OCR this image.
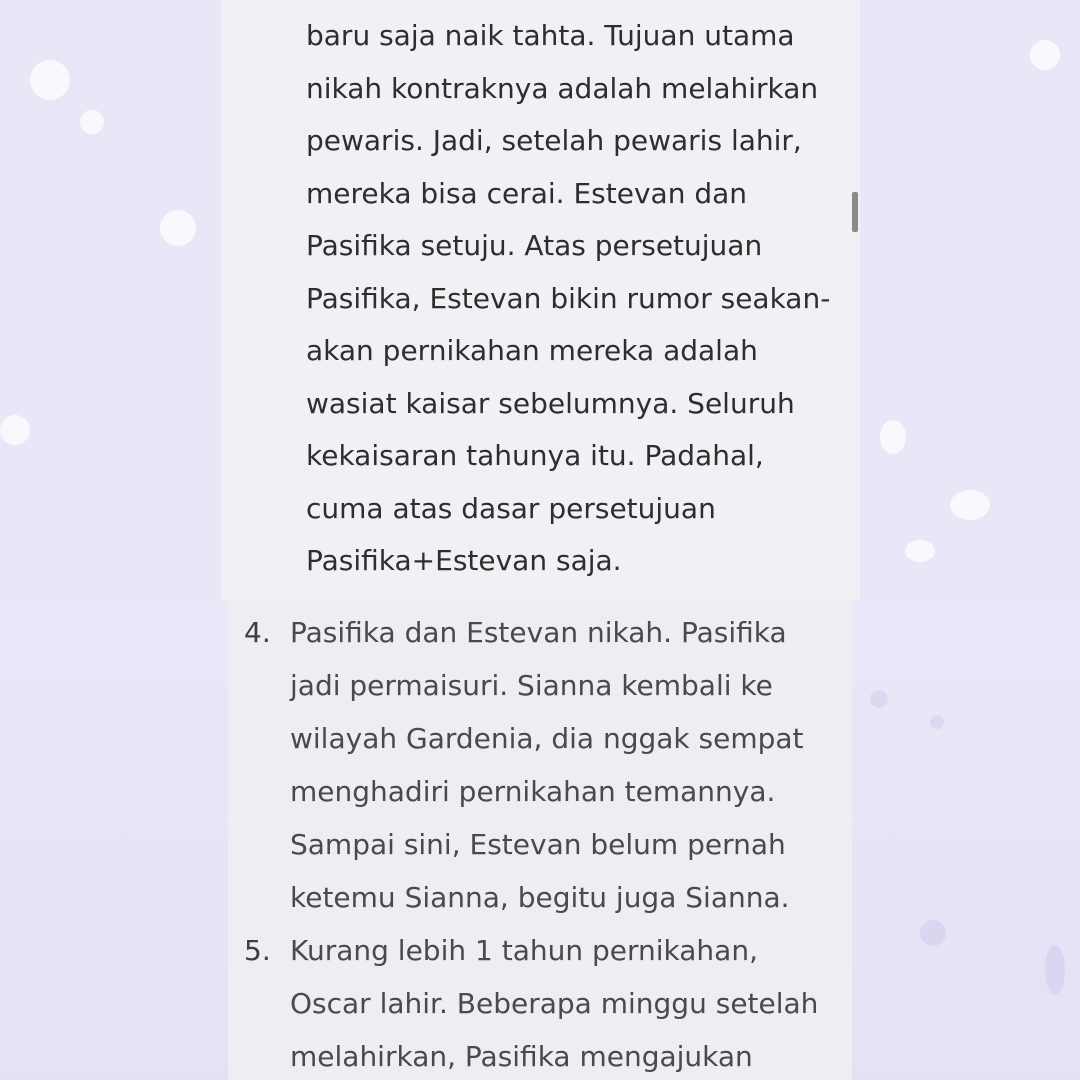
baru saja naik tahta. Tujuan utama nikah kontraknya adalah melahirkan pewaris. Jadi, setelah pewaris lahir, mereka bisa cerai. Estevan dan Pasifika setuju. Atas persetujuan Pasifika, Estevan bikin rumor seakan-akan pernikahan mereka adalah wasiat kaisar sebelumnya. Seluruh kekaisaran tahunya itu. Padahal, cuma atas dasar persetujuan Pasifika+Estevan saja.

4. Pasifika dan Estevan nikah. Pasifika jadi permaisuri. Sianna kembali ke wilayah Gardenia, dia nggak sempat menghadiri pernikahan temannya. Sampai sini, Estevan belum pernah ketemu Sianna, begitu juga Sianna.
5. Kurang lebih 1 tahun pernikahan, Oscar lahir. Beberapa minggu setelah melahirkan, Pasifika mengajukan
